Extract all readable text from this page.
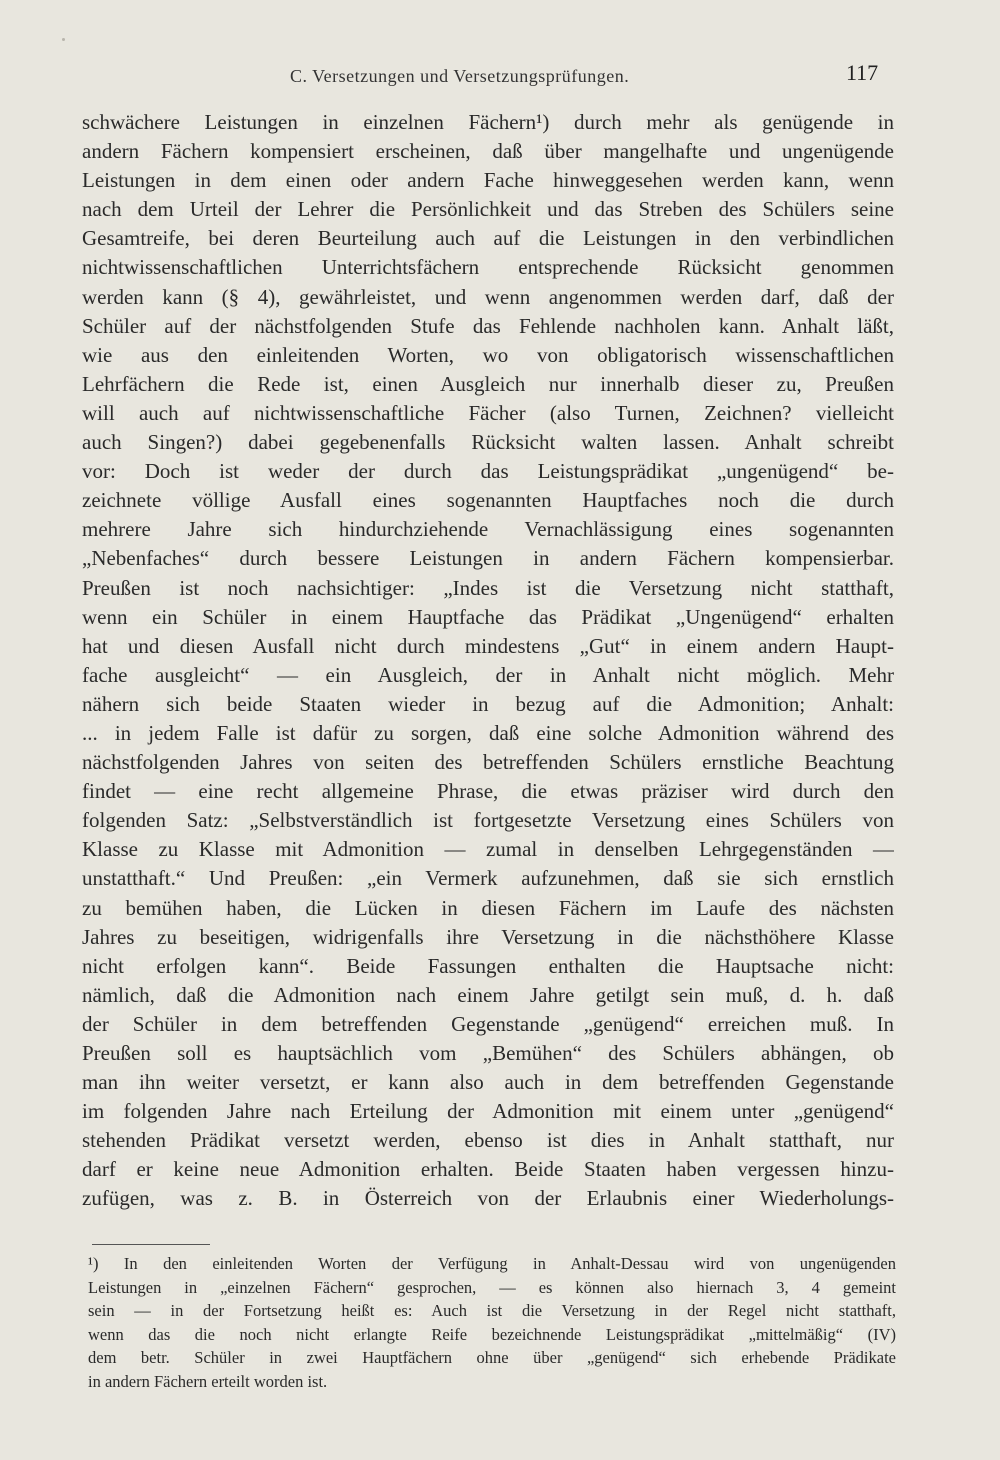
C. Versetzungen und Versetzungsprüfungen.	117
schwächere Leistungen in einzelnen Fächern¹) durch mehr als genügende in
andern Fächern kompensiert erscheinen, daß über mangelhafte und ungenügende
Leistungen in dem einen oder andern Fache hinweggesehen werden kann, wenn
nach dem Urteil der Lehrer die Persönlichkeit und das Streben des Schülers seine
Gesamtreife, bei deren Beurteilung auch auf die Leistungen in den verbindlichen
nichtwissenschaftlichen Unterrichtsfächern entsprechende Rücksicht genommen
werden kann (§ 4), gewährleistet, und wenn angenommen werden darf, daß der
Schüler auf der nächstfolgenden Stufe das Fehlende nachholen kann. Anhalt läßt,
wie aus den einleitenden Worten, wo von obligatorisch wissenschaftlichen
Lehrfächern die Rede ist, einen Ausgleich nur innerhalb dieser zu, Preußen
will auch auf nichtwissenschaftliche Fächer (also Turnen, Zeichnen? vielleicht
auch Singen?) dabei gegebenenfalls Rücksicht walten lassen. Anhalt schreibt
vor: Doch ist weder der durch das Leistungsprädikat „ungenügend“ be-
zeichnete völlige Ausfall eines sogenannten Hauptfaches noch die durch
mehrere Jahre sich hindurchziehende Vernachlässigung eines sogenannten
„Nebenfaches“ durch bessere Leistungen in andern Fächern kompensierbar.
Preußen ist noch nachsichtiger: „Indes ist die Versetzung nicht statthaft,
wenn ein Schüler in einem Hauptfache das Prädikat „Ungenügend“ erhalten
hat und diesen Ausfall nicht durch mindestens „Gut“ in einem andern Haupt-
fache ausgleicht“ — ein Ausgleich, der in Anhalt nicht möglich. Mehr
nähern sich beide Staaten wieder in bezug auf die Admonition; Anhalt:
... in jedem Falle ist dafür zu sorgen, daß eine solche Admonition während des
nächstfolgenden Jahres von seiten des betreffenden Schülers ernstliche Beachtung
findet — eine recht allgemeine Phrase, die etwas präziser wird durch den
folgenden Satz: „Selbstverständlich ist fortgesetzte Versetzung eines Schülers von
Klasse zu Klasse mit Admonition — zumal in denselben Lehrgegenständen —
unstatthaft.“ Und Preußen: „ein Vermerk aufzunehmen, daß sie sich ernstlich
zu bemühen haben, die Lücken in diesen Fächern im Laufe des nächsten
Jahres zu beseitigen, widrigenfalls ihre Versetzung in die nächsthöhere Klasse
nicht erfolgen kann“. Beide Fassungen enthalten die Hauptsache nicht:
nämlich, daß die Admonition nach einem Jahre getilgt sein muß, d. h. daß
der Schüler in dem betreffenden Gegenstande „genügend“ erreichen muß. In
Preußen soll es hauptsächlich vom „Bemühen“ des Schülers abhängen, ob
man ihn weiter versetzt, er kann also auch in dem betreffenden Gegenstande
im folgenden Jahre nach Erteilung der Admonition mit einem unter „genügend“
stehenden Prädikat versetzt werden, ebenso ist dies in Anhalt statthaft, nur
darf er keine neue Admonition erhalten. Beide Staaten haben vergessen hinzu-
zufügen, was z. B. in Österreich von der Erlaubnis einer Wiederholungs-
¹) In den einleitenden Worten der Verfügung in Anhalt-Dessau wird von ungenügenden
Leistungen in „einzelnen Fächern“ gesprochen, — es können also hiernach 3, 4 gemeint
sein — in der Fortsetzung heißt es: Auch ist die Versetzung in der Regel nicht statthaft,
wenn das die noch nicht erlangte Reife bezeichnende Leistungsprädikat „mittelmäßig“ (IV)
dem betr. Schüler in zwei Hauptfächern ohne über „genügend“ sich erhebende Prädikate
in andern Fächern erteilt worden ist.
